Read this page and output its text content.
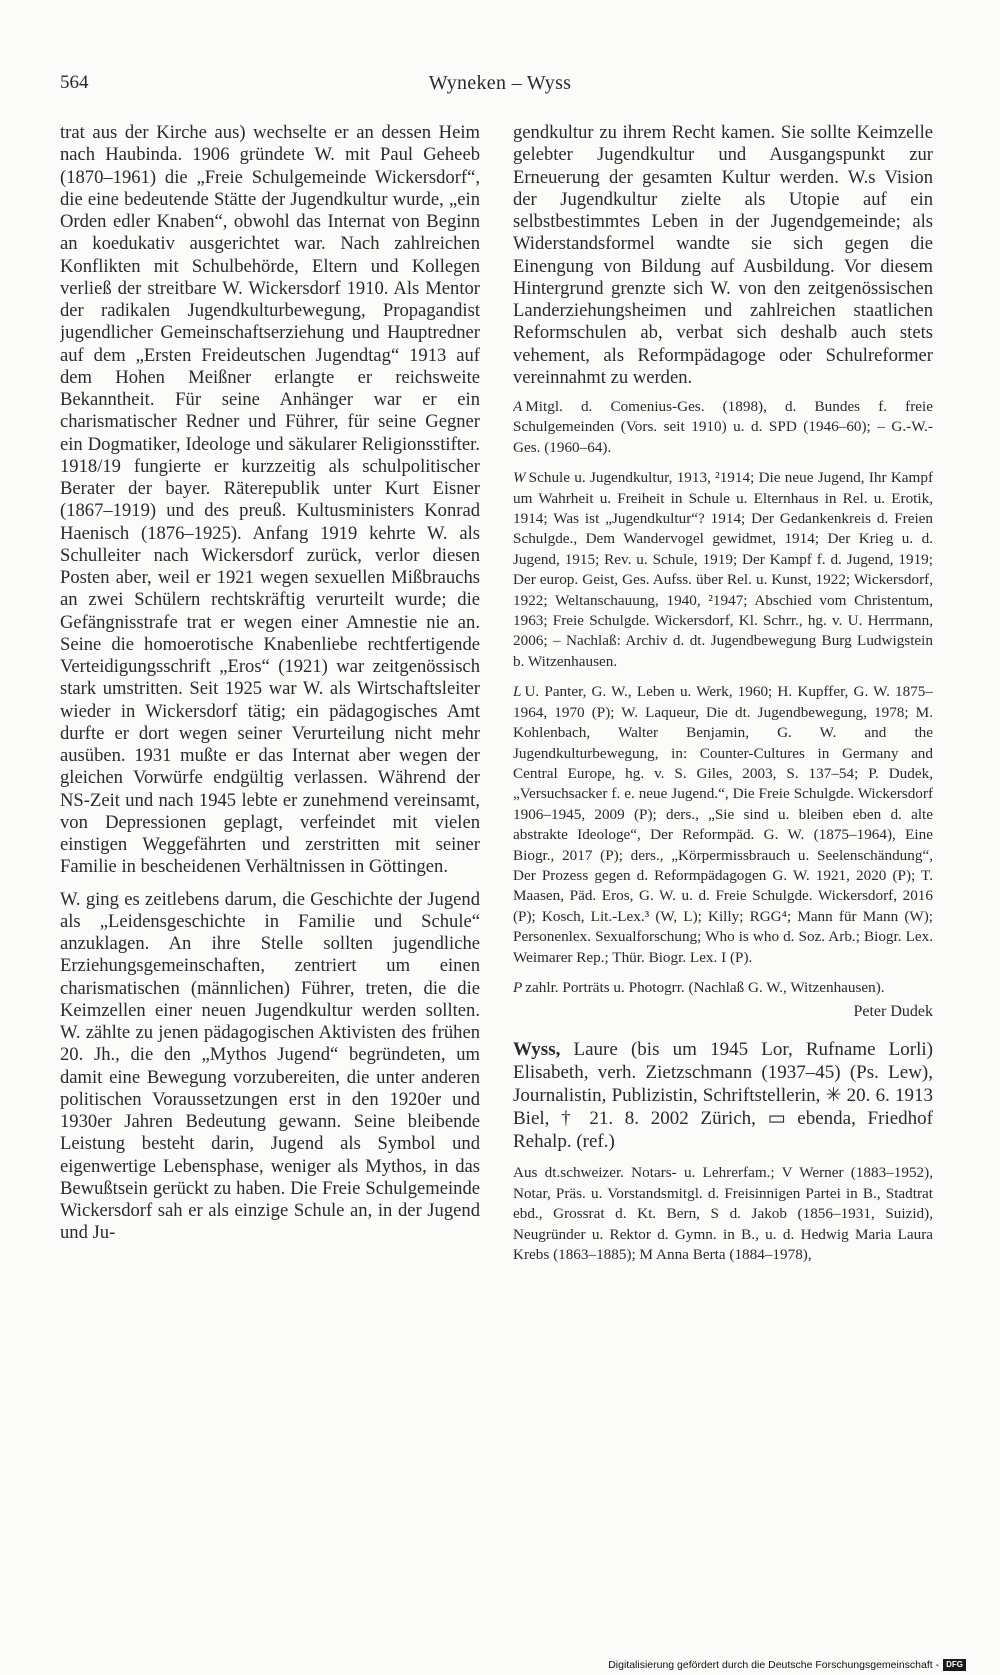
564	Wyneken – Wyss

trat aus der Kirche aus) wechselte er an dessen Heim nach Haubinda. 1906 gründete W. mit Paul Geheeb (1870–1961) die „Freie Schulgemeinde Wickersdorf“, die eine bedeutende Stätte der Jugendkultur wurde, „ein Orden edler Knaben“, obwohl das Internat von Beginn an koedukativ ausgerichtet war. Nach zahlreichen Konflikten mit Schulbehörde, Eltern und Kollegen verließ der streitbare W. Wickersdorf 1910. Als Mentor der radikalen Jugendkulturbewegung, Propagandist jugendlicher Gemeinschaftserziehung und Hauptredner auf dem „Ersten Freideutschen Jugendtag“ 1913 auf dem Hohen Meißner erlangte er reichsweite Bekanntheit. Für seine Anhänger war er ein charismatischer Redner und Führer, für seine Gegner ein Dogmatiker, Ideologe und säkularer Religionsstifter. 1918/19 fungierte er kurzzeitig als schulpolitischer Berater der bayer. Räterepublik unter Kurt Eisner (1867–1919) und des preuß. Kultusministers Konrad Haenisch (1876–1925). Anfang 1919 kehrte W. als Schulleiter nach Wickersdorf zurück, verlor diesen Posten aber, weil er 1921 wegen sexuellen Mißbrauchs an zwei Schülern rechtskräftig verurteilt wurde; die Gefängnisstrafe trat er wegen einer Amnestie nie an. Seine die homoerotische Knabenliebe rechtfertigende Verteidigungsschrift „Eros“ (1921) war zeitgenössisch stark umstritten. Seit 1925 war W. als Wirtschaftsleiter wieder in Wickersdorf tätig; ein pädagogisches Amt durfte er dort wegen seiner Verurteilung nicht mehr ausüben. 1931 mußte er das Internat aber wegen der gleichen Vorwürfe endgültig verlassen. Während der NS-Zeit und nach 1945 lebte er zunehmend vereinsamt, von Depressionen geplagt, verfeindet mit vielen einstigen Weggefährten und zerstritten mit seiner Familie in bescheidenen Verhältnissen in Göttingen.

W. ging es zeitlebens darum, die Geschichte der Jugend als „Leidensgeschichte in Familie und Schule“ anzuklagen. An ihre Stelle sollten jugendliche Erziehungsgemeinschaften, zentriert um einen charismatischen (männlichen) Führer, treten, die die Keimzellen einer neuen Jugendkultur werden sollten. W. zählte zu jenen pädagogischen Aktivisten des frühen 20. Jh., die den „Mythos Jugend“ begründeten, um damit eine Bewegung vorzubereiten, die unter anderen politischen Voraussetzungen erst in den 1920er und 1930er Jahren Bedeutung gewann. Seine bleibende Leistung besteht darin, Jugend als Symbol und eigenwertige Lebensphase, weniger als Mythos, in das Bewußtsein gerückt zu haben. Die Freie Schulgemeinde Wickersdorf sah er als einzige Schule an, in der Jugend und Ju-

gendkultur zu ihrem Recht kamen. Sie sollte Keimzelle gelebter Jugendkultur und Ausgangspunkt zur Erneuerung der gesamten Kultur werden. W.s Vision der Jugendkultur zielte als Utopie auf ein selbstbestimmtes Leben in der Jugendgemeinde; als Widerstandsformel wandte sie sich gegen die Einengung von Bildung auf Ausbildung. Vor diesem Hintergrund grenzte sich W. von den zeitgenössischen Landerziehungsheimen und zahlreichen staatlichen Reformschulen ab, verbat sich deshalb auch stets vehement, als Reformpädagoge oder Schulreformer vereinnahmt zu werden.

A Mitgl. d. Comenius-Ges. (1898), d. Bundes f. freie Schulgemeinden (Vors. seit 1910) u. d. SPD (1946–60); – G.-W.-Ges. (1960–64).

W Schule u. Jugendkultur, 1913, ²1914; Die neue Jugend, Ihr Kampf um Wahrheit u. Freiheit in Schule u. Elternhaus in Rel. u. Erotik, 1914; Was ist „Jugendkultur“? 1914; Der Gedankenkreis d. Freien Schulgde., Dem Wandervogel gewidmet, 1914; Der Krieg u. d. Jugend, 1915; Rev. u. Schule, 1919; Der Kampf f. d. Jugend, 1919; Der europ. Geist, Ges. Aufss. über Rel. u. Kunst, 1922; Wickersdorf, 1922; Weltanschauung, 1940, ²1947; Abschied vom Christentum, 1963; Freie Schulgde. Wickersdorf, Kl. Schrr., hg. v. U. Herrmann, 2006; – Nachlaß: Archiv d. dt. Jugendbewegung Burg Ludwigstein b. Witzenhausen.

L U. Panter, G. W., Leben u. Werk, 1960; H. Kupffer, G. W. 1875–1964, 1970 (P); W. Laqueur, Die dt. Jugendbewegung, 1978; M. Kohlenbach, Walter Benjamin, G. W. and the Jugendkulturbewegung, in: Counter-Cultures in Germany and Central Europe, hg. v. S. Giles, 2003, S. 137–54; P. Dudek, „Versuchsacker f. e. neue Jugend.“, Die Freie Schulgde. Wickersdorf 1906–1945, 2009 (P); ders., „Sie sind u. bleiben eben d. alte abstrakte Ideologe“, Der Reformpäd. G. W. (1875–1964), Eine Biogr., 2017 (P); ders., „Körpermissbrauch u. Seelenschändung“, Der Prozess gegen d. Reformpädagogen G. W. 1921, 2020 (P); T. Maasen, Päd. Eros, G. W. u. d. Freie Schulgde. Wickersdorf, 2016 (P); Kosch, Lit.-Lex.³ (W, L); Killy; RGG⁴; Mann für Mann (W); Personenlex. Sexualforschung; Who is who d. Soz. Arb.; Biogr. Lex. Weimarer Rep.; Thür. Biogr. Lex. I (P).

P zahlr. Porträts u. Photogrr. (Nachlaß G. W., Witzenhausen).

Peter Dudek

Wyss, Laure (bis um 1945 Lor, Rufname Lorli) Elisabeth, verh. Zietzschmann (1937–45) (Ps. Lew), Journalistin, Publizistin, Schriftstellerin, ✳ 20. 6. 1913 Biel, † 21. 8. 2002 Zürich, ▭ ebenda, Friedhof Rehalp. (ref.)

Aus dt.schweizer. Notars- u. Lehrerfam.; V Werner (1883–1952), Notar, Präs. u. Vorstandsmitgl. d. Freisinnigen Partei in B., Stadtrat ebd., Grossrat d. Kt. Bern, S d. Jakob (1856–1931, Suizid), Neugründer u. Rektor d. Gymn. in B., u. d. Hedwig Maria Laura Krebs (1863–1885); M Anna Berta (1884–1978),

Digitalisierung gefördert durch die Deutsche Forschungsgemeinschaft - DFG
